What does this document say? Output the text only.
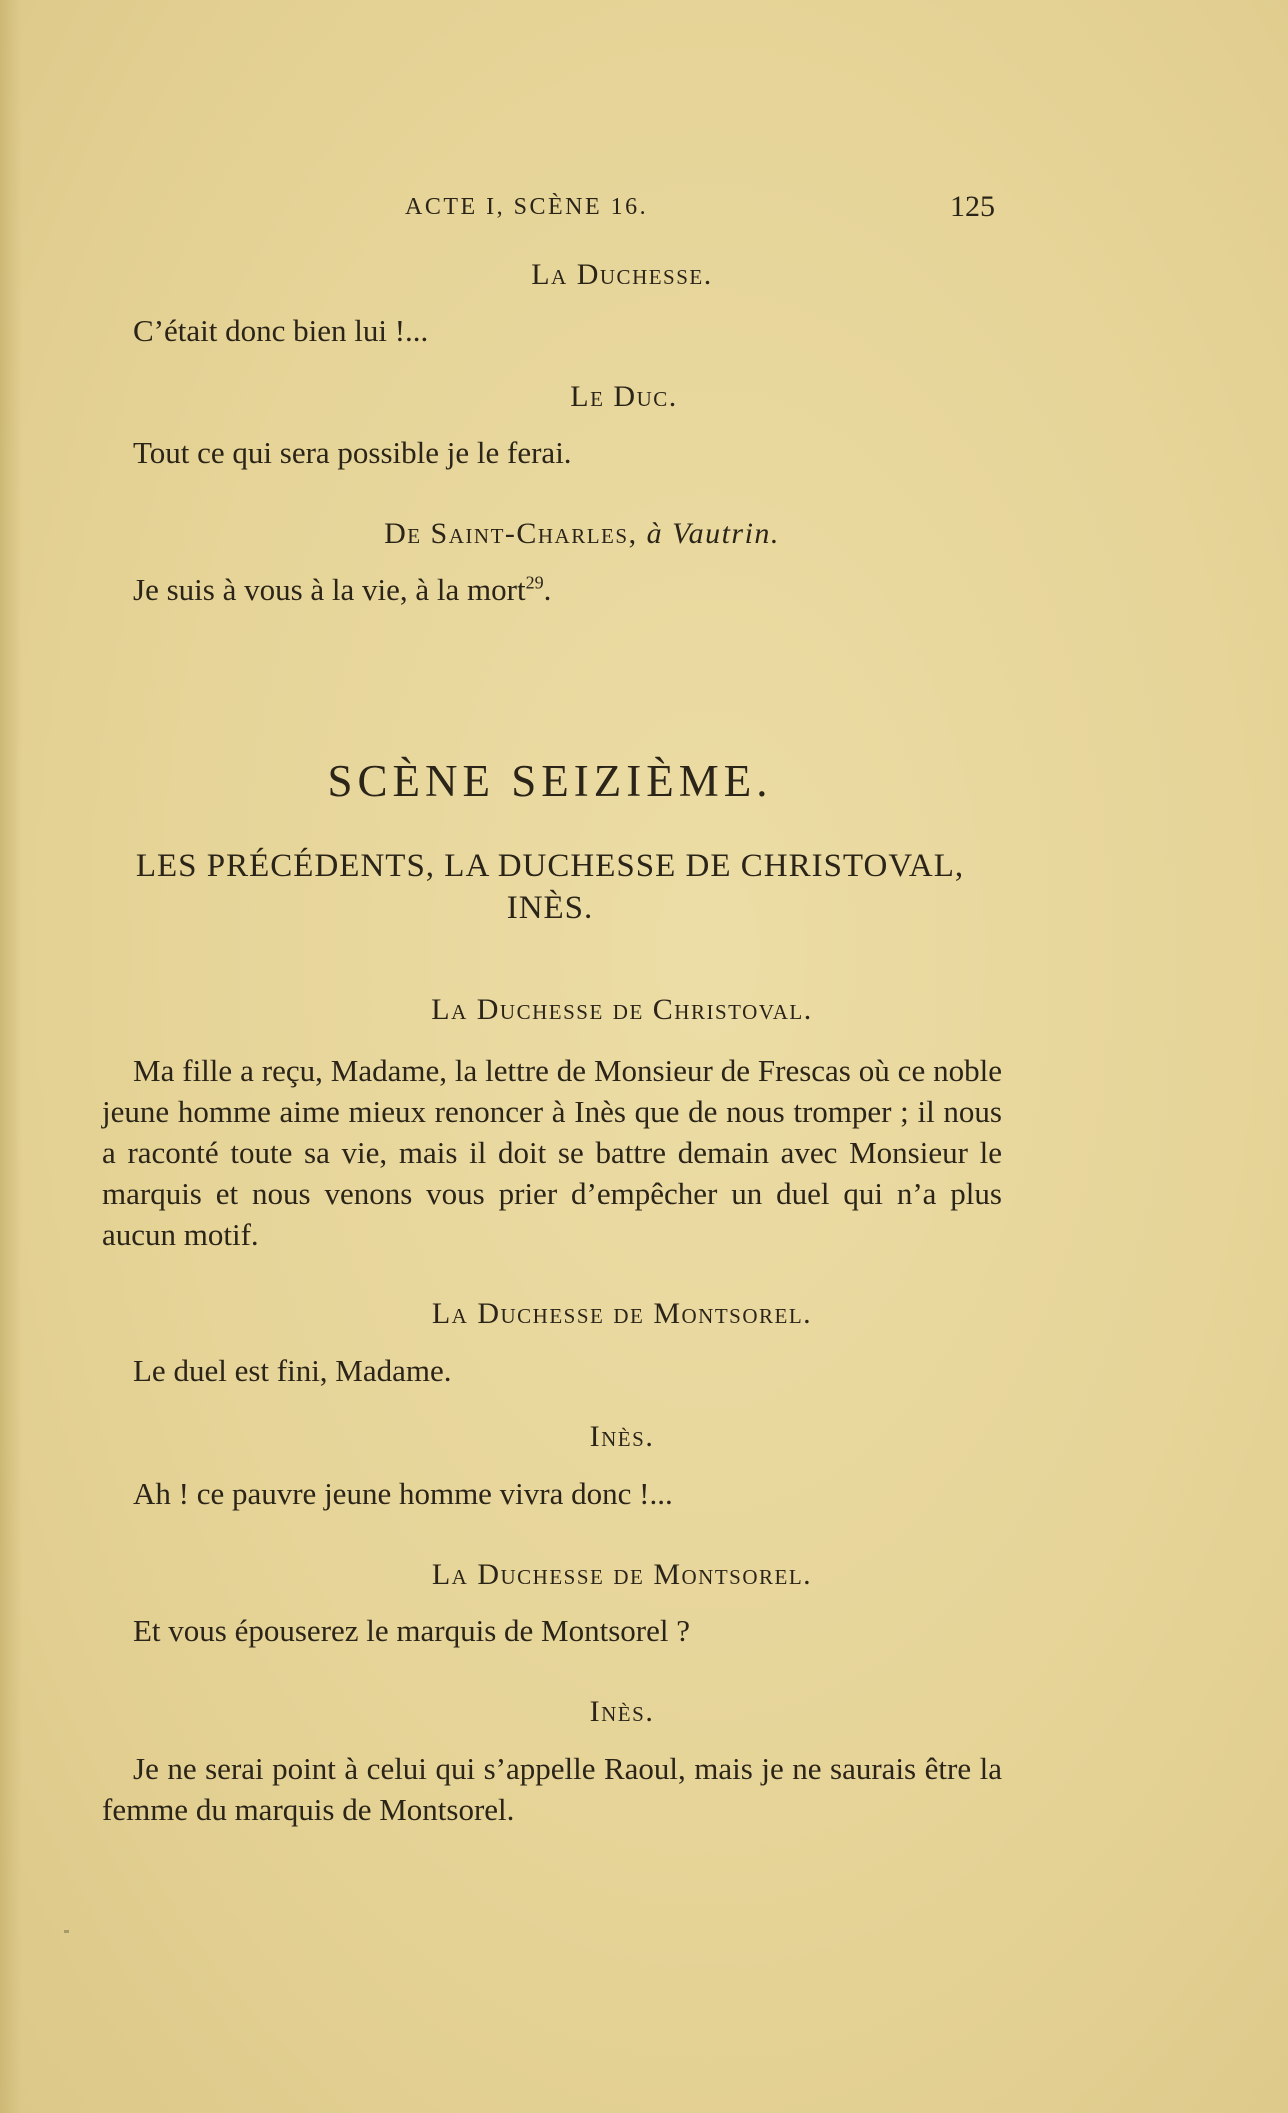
ACTE I, SCÈNE 16.	125
La Duchesse.
C’était donc bien lui !...
Le Duc.
Tout ce qui sera possible je le ferai.
De Saint-Charles, à Vautrin.
Je suis à vous à la vie, à la mort$^{29}$.
SCÈNE SEIZIÈME.
LES PRÉCÉDENTS, LA DUCHESSE DE CHRISTOVAL, INÈS.
La Duchesse de Christoval.
Ma fille a reçu, Madame, la lettre de Monsieur de Frescas où ce noble jeune homme aime mieux renoncer à Inès que de nous tromper ; il nous a raconté toute sa vie, mais il doit se battre demain avec Monsieur le marquis et nous venons vous prier d’empêcher un duel qui n’a plus aucun motif.
La Duchesse de Montsorel.
Le duel est fini, Madame.
Inès.
Ah ! ce pauvre jeune homme vivra donc !...
La Duchesse de Montsorel.
Et vous épouserez le marquis de Montsorel ?
Inès.
Je ne serai point à celui qui s’appelle Raoul, mais je ne saurais être la femme du marquis de Montsorel.
